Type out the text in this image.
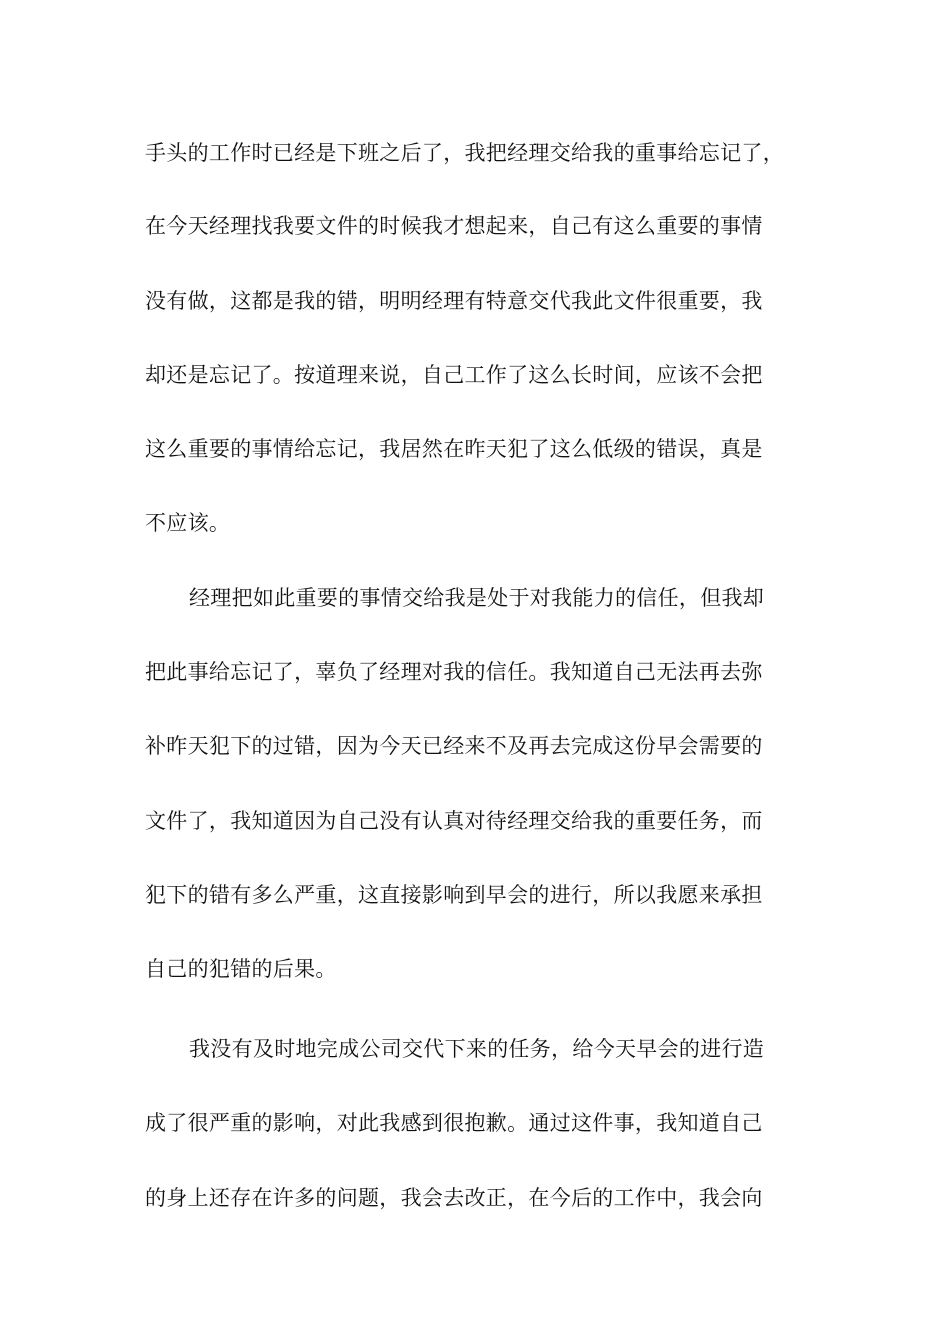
手头的工作时已经是下班之后了，我把经理交给我的重事给忘记了，
在今天经理找我要文件的时候我才想起来，自己有这么重要的事情
没有做，这都是我的错，明明经理有特意交代我此文件很重要，我
却还是忘记了。按道理来说，自己工作了这么长时间，应该不会把
这么重要的事情给忘记，我居然在昨天犯了这么低级的错误，真是
不应该。
经理把如此重要的事情交给我是处于对我能力的信任，但我却
把此事给忘记了，辜负了经理对我的信任。我知道自己无法再去弥
补昨天犯下的过错，因为今天已经来不及再去完成这份早会需要的
文件了，我知道因为自己没有认真对待经理交给我的重要任务，而
犯下的错有多么严重，这直接影响到早会的进行，所以我愿来承担
自己的犯错的后果。
我没有及时地完成公司交代下来的任务，给今天早会的进行造
成了很严重的影响，对此我感到很抱歉。通过这件事，我知道自己
的身上还存在许多的问题，我会去改正，在今后的工作中，我会向
